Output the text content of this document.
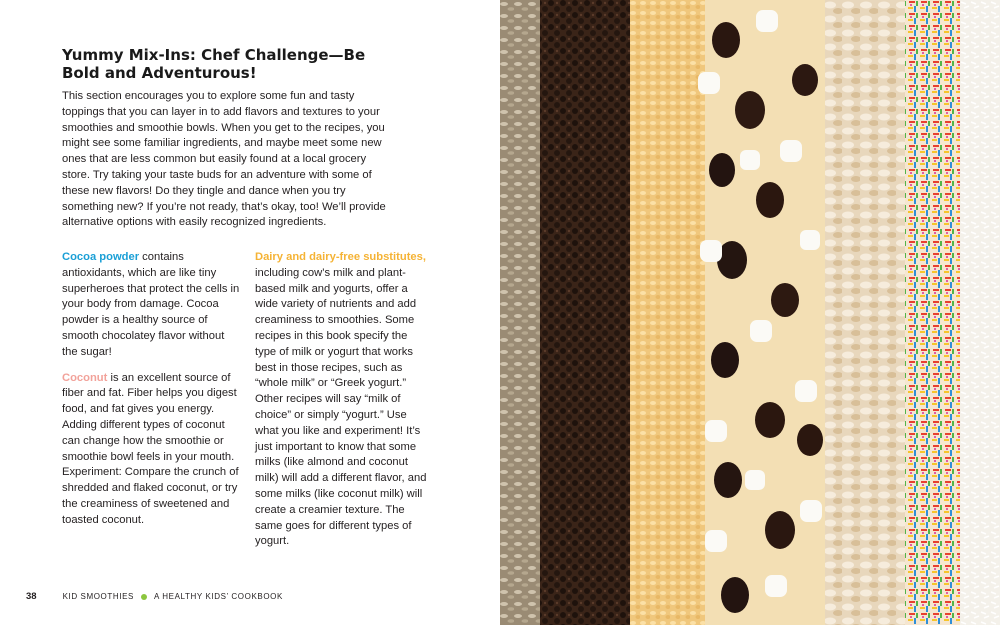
Yummy Mix-Ins: Chef Challenge—Be Bold and Adventurous!

This section encourages you to explore some fun and tasty toppings that you can layer in to add flavors and textures to your smoothies and smoothie bowls. When you get to the recipes, you might see some familiar ingredients, and maybe meet some new ones that are less common but easily found at a local grocery store. Try taking your taste buds for an adventure with some of these new flavors! Do they tingle and dance when you try something new? If you’re not ready, that’s okay, too! We’ll provide alternative options with easily recognized ingredients.

Cocoa powder contains antioxidants, which are like tiny superheroes that protect the cells in your body from damage. Cocoa powder is a healthy source of smooth chocolatey flavor without the sugar!

Coconut is an excellent source of fiber and fat. Fiber helps you digest food, and fat gives you energy. Adding different types of coconut can change how the smoothie or smoothie bowl feels in your mouth. Experiment: Compare the crunch of shredded and flaked coconut, or try the creaminess of sweetened and toasted coconut.

Dairy and dairy-free substitutes, including cow’s milk and plant-based milk and yogurts, offer a wide variety of nutrients and add creaminess to smoothies. Some recipes in this book specify the type of milk or yogurt that works best in those recipes, such as “whole milk” or “Greek yogurt.” Other recipes will say “milk of choice” or simply “yogurt.” Use what you like and experiment! It’s just important to know that some milks (like almond and coconut milk) will add a different flavor, and some milks (like coconut milk) will create a creamier texture. The same goes for different types of yogurt.

38	KID SMOOTHIES	A HEALTHY KIDS’ COOKBOOK
